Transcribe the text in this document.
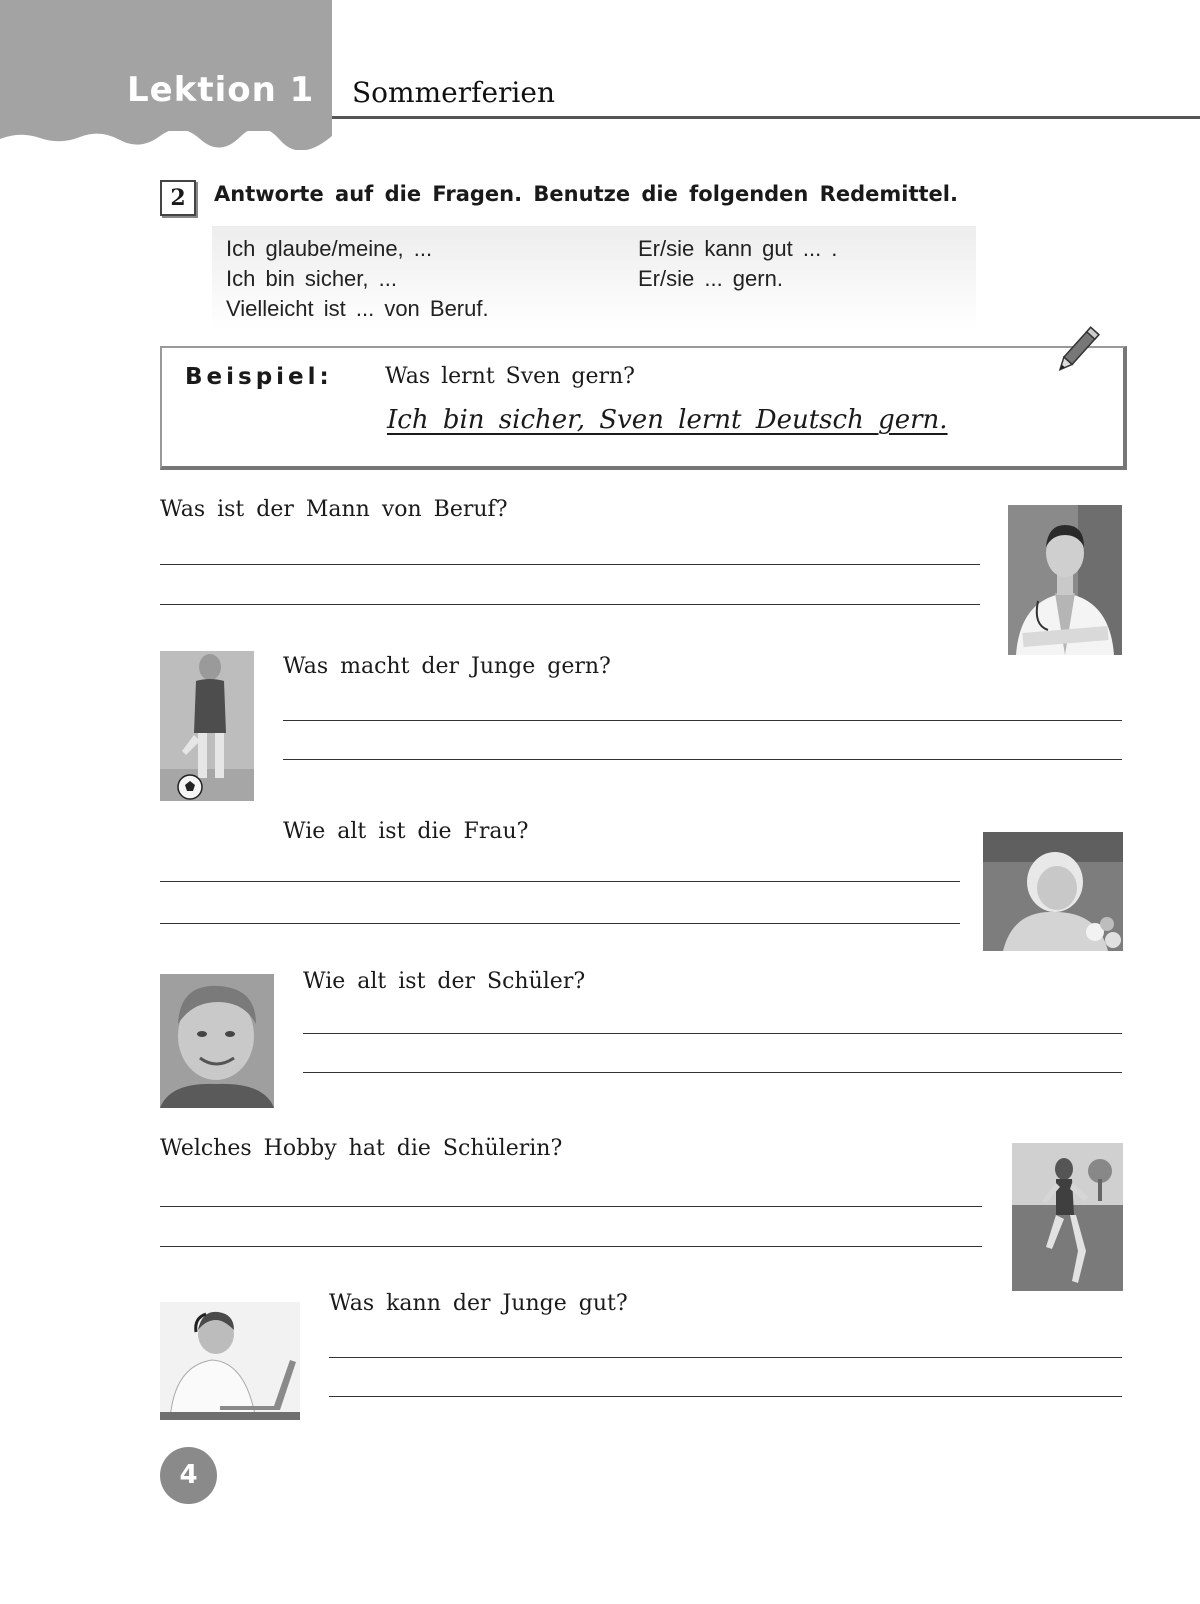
Lektion 1 Sommerferien
2	Antworte auf die Fragen. Benutze die folgenden Redemittel.
Ich glaube/meine, ...
Ich bin sicher, ...
Vielleicht ist ... von Beruf.
Er/sie kann gut ... .
Er/sie ... gern.
Beispiel: Was lernt Sven gern?
Ich bin sicher, Sven lernt Deutsch gern.
Was ist der Mann von Beruf?
Was macht der Junge gern?
Wie alt ist die Frau?
Wie alt ist der Schüler?
Welches Hobby hat die Schülerin?
Was kann der Junge gut?
4
